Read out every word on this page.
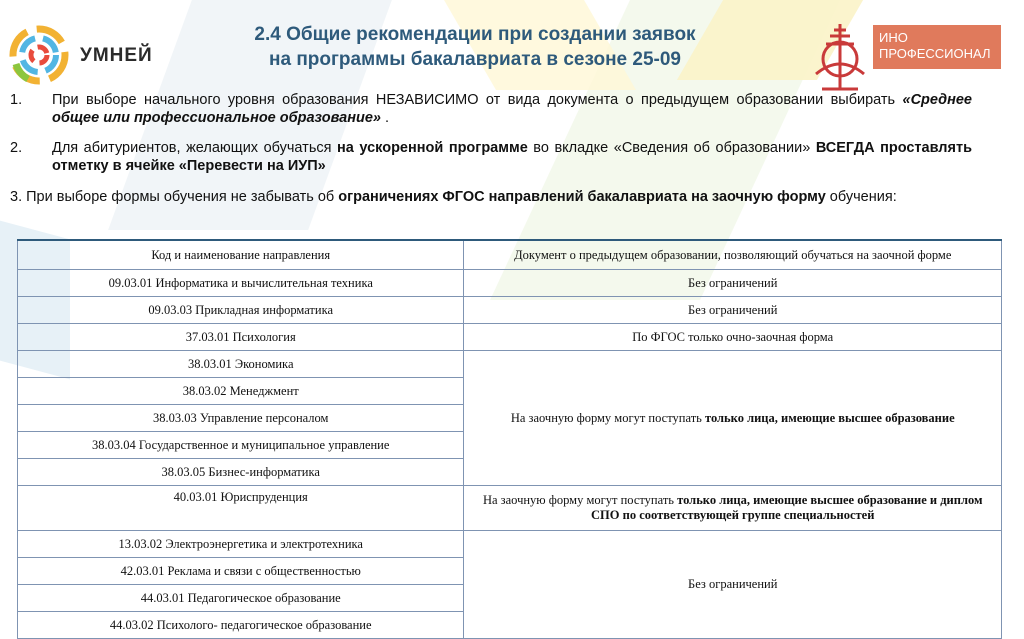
УМНЕЙ
2.4 Общие рекомендации при создании заявок
на программы бакалавриата в сезоне 25-09
ИНО
ПРОФЕССИОНАЛ
1. При выборе начального уровня образования НЕЗАВИСИМО от вида документа о предыдущем образовании выбирать «Среднее общее или профессиональное образование» .
2. Для абитуриентов, желающих обучаться на ускоренной программе во вкладке «Сведения об образовании» ВСЕГДА проставлять отметку в ячейке «Перевести на ИУП»
3. При выборе формы обучения не забывать об ограничениях ФГОС направлений бакалавриата на заочную форму обучения:
Код и наименование направления	Документ о предыдущем образовании, позволяющий обучаться на заочной форме
09.03.01 Информатика и вычислительная техника	Без ограничений
09.03.03 Прикладная информатика	Без ограничений
37.03.01 Психология	По ФГОС только очно-заочная форма
38.03.01 Экономика	На заочную форму могут поступать только лица, имеющие высшее образование
38.03.02 Менеджмент	
38.03.03 Управление персоналом	
38.03.04 Государственное и муниципальное управление	
38.03.05 Бизнес-информатика	
40.03.01 Юриспруденция	На заочную форму могут поступать только лица, имеющие высшее образование и диплом СПО по соответствующей группе специальностей
13.03.02 Электроэнергетика и электротехника	Без ограничений
42.03.01 Реклама и связи с общественностью	
44.03.01 Педагогическое образование	
44.03.02 Психолого- педагогическое образование	
